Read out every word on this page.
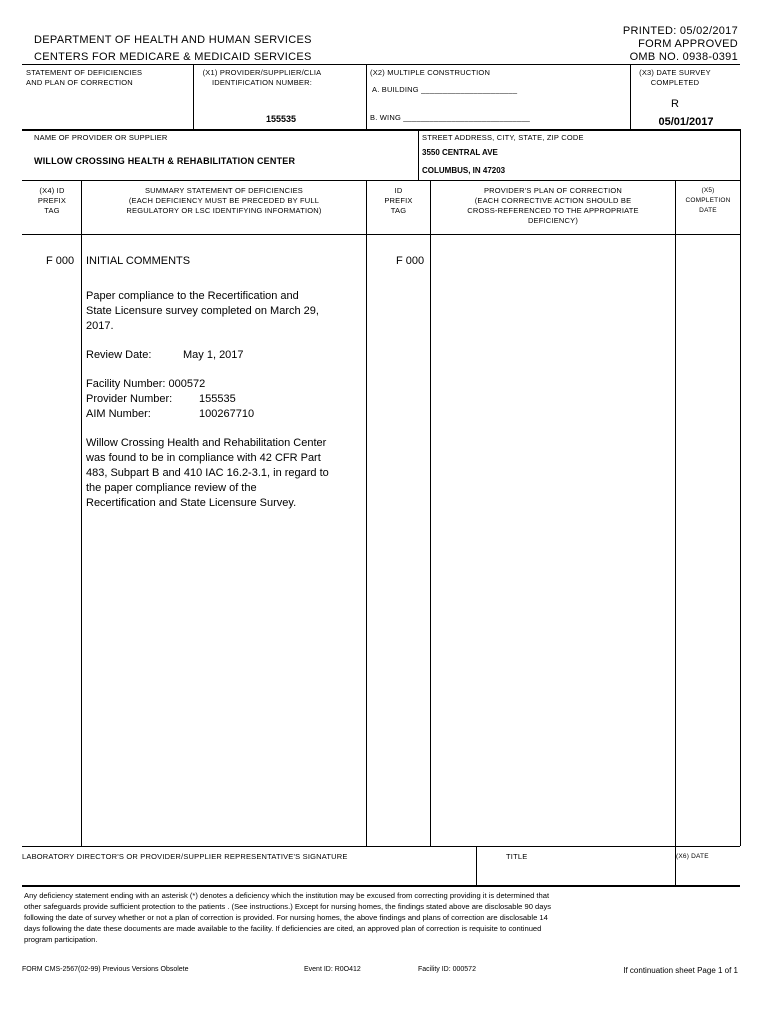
DEPARTMENT OF HEALTH AND HUMAN SERVICES
CENTERS FOR MEDICARE & MEDICAID SERVICES
PRINTED: 05/02/2017
FORM APPROVED
OMB NO. 0938-0391
STATEMENT OF DEFICIENCIES
AND PLAN OF CORRECTION
(X1) PROVIDER/SUPPLIER/CLIA
IDENTIFICATION NUMBER:
155535
(X2) MULTIPLE CONSTRUCTION
A. BUILDING ______________________
B. WING _____________________________
(X3) DATE SURVEY
COMPLETED
R
05/01/2017
NAME OF PROVIDER OR SUPPLIER
WILLOW CROSSING HEALTH & REHABILITATION CENTER
STREET ADDRESS, CITY, STATE, ZIP CODE
3550 CENTRAL AVE
COLUMBUS, IN 47203
(X4) ID
PREFIX
TAG
SUMMARY STATEMENT OF DEFICIENCIES
(EACH DEFICIENCY MUST BE PRECEDED BY FULL
REGULATORY OR LSC IDENTIFYING INFORMATION)
ID
PREFIX
TAG
PROVIDER'S PLAN OF CORRECTION
(EACH CORRECTIVE ACTION SHOULD BE
CROSS-REFERENCED TO THE APPROPRIATE
DEFICIENCY)
(X5)
COMPLETION
DATE
F 000	F 000
INITIAL COMMENTS
Paper compliance to the Recertification and
State Licensure survey completed on March 29,
2017.
Review Date:	May 1, 2017
Facility Number: 000572
Provider Number: 155535
AIM Number:	100267710
Willow Crossing Health and Rehabilitation Center
was found to be in compliance with 42 CFR Part
483, Subpart B and 410 IAC 16.2-3.1, in regard to
the paper compliance review of the
Recertification and State Licensure Survey.
LABORATORY DIRECTOR'S OR PROVIDER/SUPPLIER REPRESENTATIVE'S SIGNATURE	TITLE	(X6) DATE
Any deficiency statement ending with an asterisk (*) denotes a deficiency which the institution may be excused from correcting providing it is determined that
other safeguards provide sufficient protection to the patients . (See instructions.) Except for nursing homes, the findings stated above are disclosable 90 days
following the date of survey whether or not a plan of correction is provided. For nursing homes, the above findings and plans of correction are disclosable 14
days following the date these documents are made available to the facility. If deficiencies are cited, an approved plan of correction is requisite to continued
program participation.
FORM CMS-2567(02-99) Previous Versions Obsolete	Event ID: R0O412	Facility ID: 000572	If continuation sheet Page 1 of 1
